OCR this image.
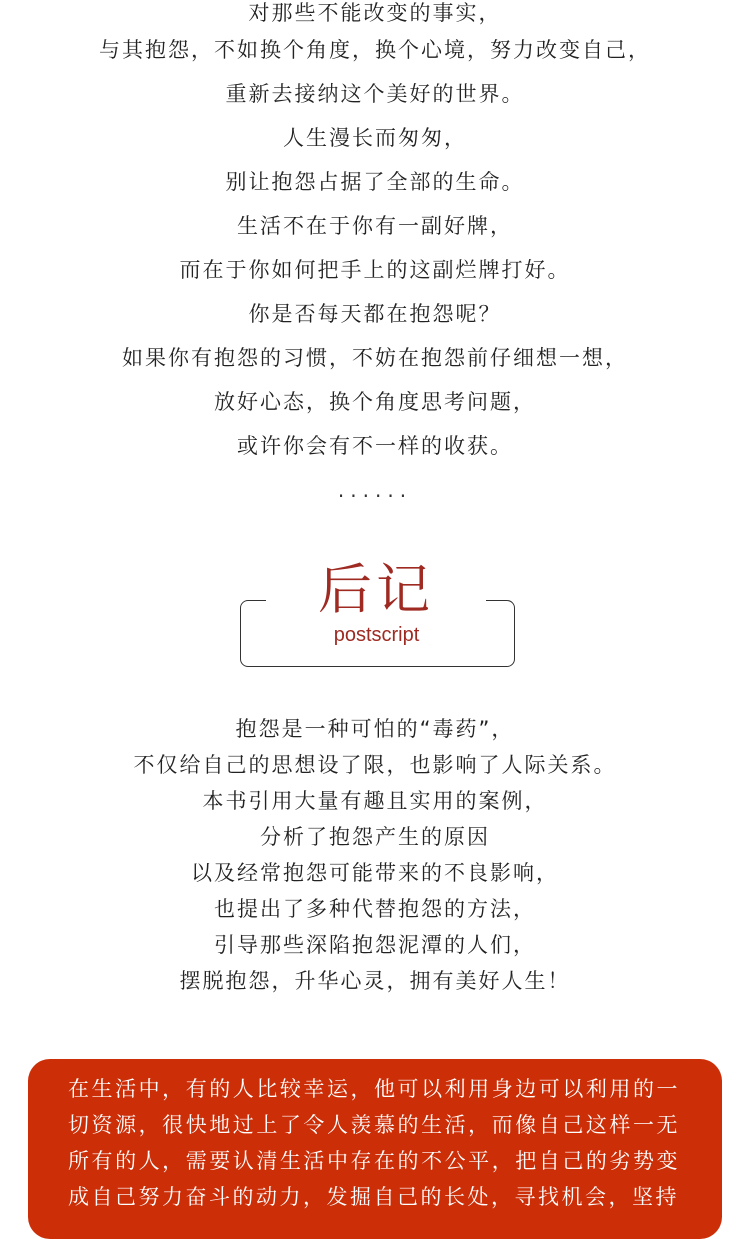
对那些不能改变的事实，
与其抱怨，不如换个角度，换个心境，努力改变自己，
重新去接纳这个美好的世界。
人生漫长而匆匆，
别让抱怨占据了全部的生命。
生活不在于你有一副好牌，
而在于你如何把手上的这副烂牌打好。
你是否每天都在抱怨呢？
如果你有抱怨的习惯，不妨在抱怨前仔细想一想，
放好心态，换个角度思考问题，
或许你会有不一样的收获。
......
后记
postscript
抱怨是一种可怕的“毒药”，
不仅给自己的思想设了限，也影响了人际关系。
本书引用大量有趣且实用的案例，
分析了抱怨产生的原因
以及经常抱怨可能带来的不良影响，
也提出了多种代替抱怨的方法，
引导那些深陷抱怨泥潭的人们，
摆脱抱怨，升华心灵，拥有美好人生！

在生活中，有的人比较幸运，他可以利用身边可以利用的一切资源，很快地过上了令人羡慕的生活，而像自己这样一无所有的人，需要认清生活中存在的不公平，把自己的劣势变成自己努力奋斗的动力，发掘自己的长处，寻找机会，坚持
